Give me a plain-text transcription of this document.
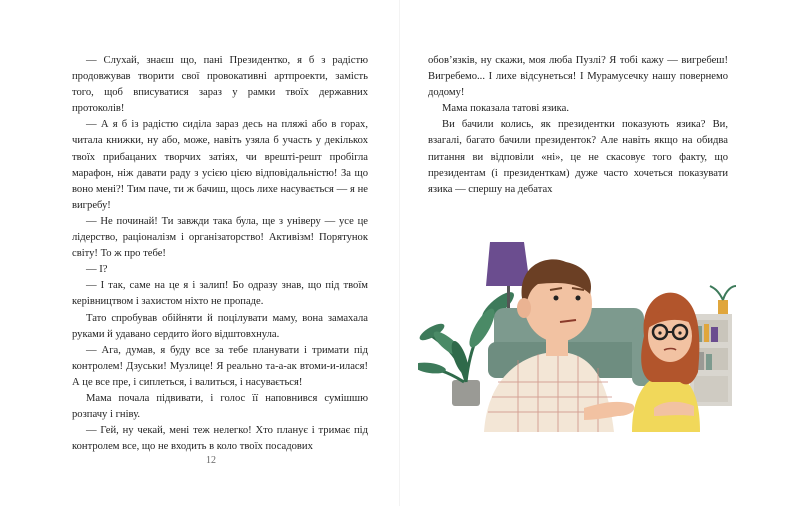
— Слухай, знаєш що, пані Президентко, я б з радістю продовжував творити свої провокативні артпроекти, замість того, щоб вписуватися зараз у рамки твоїх державних протоколів!

— А я б із радістю сиділа зараз десь на пляжі або в горах, читала книжки, ну або, може, навіть узяла б участь у декількох твоїх прибацаних творчих затіях, чи врешті-решт пробігла марафон, ніж давати раду з усією цією відповідальністю! За що воно мені?! Тим паче, ти ж бачиш, щось лихе насувається — я не вигребу!

— Не починай! Ти завжди така була, ще з універу — усе це лідерство, раціоналізм і організаторство! Активізм! Порятунок світу! То ж про тебе!

— І?

— І так, саме на це я і залип! Бо одразу знав, що під твоїм керівництвом і захистом ніхто не пропаде.

Тато спробував обійняти й поцілувати маму, вона замахала руками й удавано сердито його відштовхнула.

— Ага, думав, я буду все за тебе планувати і тримати під контролем! Дзуськи! Музлице! Я реально та-а-ак втоми-и-илася! А це все пре, і сиплеться, і валиться, і насувається!

Мама почала підвивати, і голос її наповнився сумішшю розпачу і гніву.

— Гей, ну чекай, мені теж нелегко! Хто планує і тримає під контролем все, що не входить в коло твоїх посадових

12

обов’язків, ну скажи, моя люба Пузлі? Я тобі кажу — вигребеш! Вигребемо... І лихе відсунеться! І Мурамусечку нашу повернемо додому!

Мама показала татові язика.

Ви бачили колись, як президентки показують язика? Ви, взагалі, багато бачили президенток? Але навіть якщо на обидва питання ви відповіли «ні», це не скасовує того факту, що президентам (і президенткам) дуже часто хочеться показувати язика — спершу на дебатах
